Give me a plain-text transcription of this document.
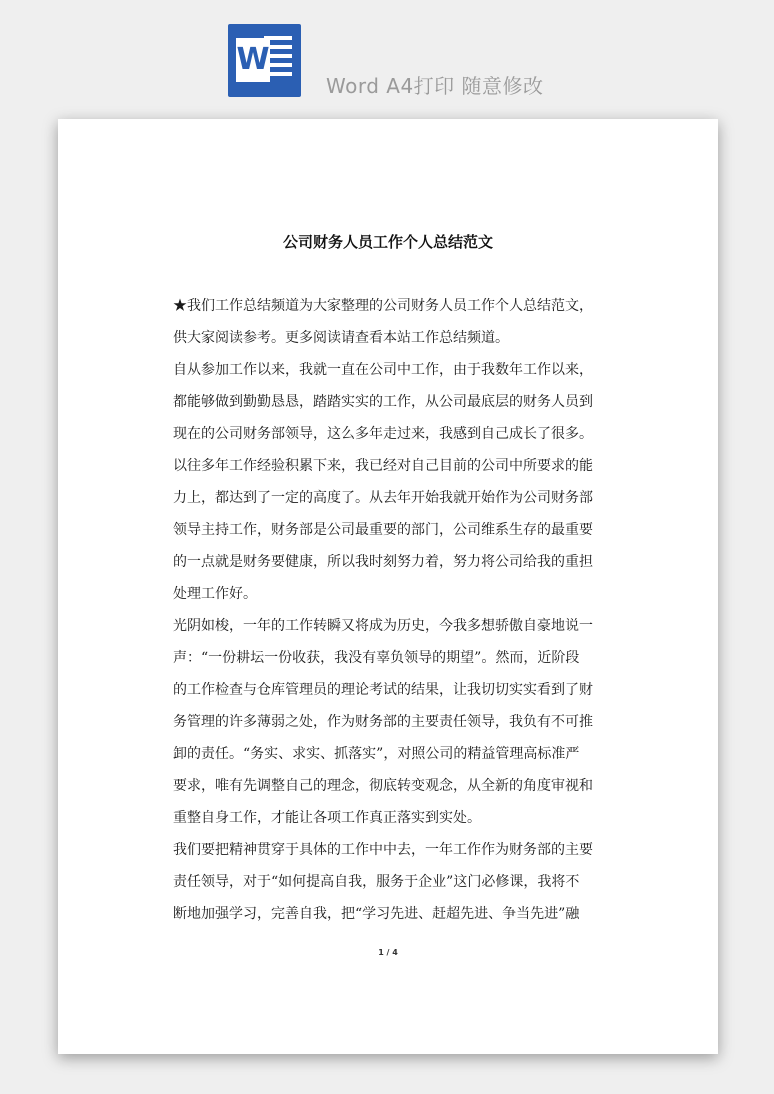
W
Word A4打印 随意修改

公司财务人员工作个人总结范文
★我们工作总结频道为大家整理的公司财务人员工作个人总结范文，
供大家阅读参考。更多阅读请查看本站工作总结频道。
自从参加工作以来，我就一直在公司中工作，由于我数年工作以来，
都能够做到勤勤恳恳，踏踏实实的工作，从公司最底层的财务人员到
现在的公司财务部领导，这么多年走过来，我感到自己成长了很多。
以往多年工作经验积累下来，我已经对自己目前的公司中所要求的能
力上，都达到了一定的高度了。从去年开始我就开始作为公司财务部
领导主持工作，财务部是公司最重要的部门，公司维系生存的最重要
的一点就是财务要健康，所以我时刻努力着，努力将公司给我的重担
处理工作好。
光阴如梭，一年的工作转瞬又将成为历史，今我多想骄傲自豪地说一
声：“一份耕坛一份收获，我没有辜负领导的期望”。然而，近阶段
的工作检查与仓库管理员的理论考试的结果，让我切切实实看到了财
务管理的许多薄弱之处，作为财务部的主要责任领导，我负有不可推
卸的责任。“务实、求实、抓落实”，对照公司的精益管理高标准严
要求，唯有先调整自己的理念，彻底转变观念，从全新的角度审视和
重整自身工作，才能让各项工作真正落实到实处。
我们要把精神贯穿于具体的工作中中去，一年工作作为财务部的主要
责任领导，对于“如何提高自我，服务于企业”这门必修课，我将不
断地加强学习，完善自我，把“学习先进、赶超先进、争当先进”融
1 / 4
